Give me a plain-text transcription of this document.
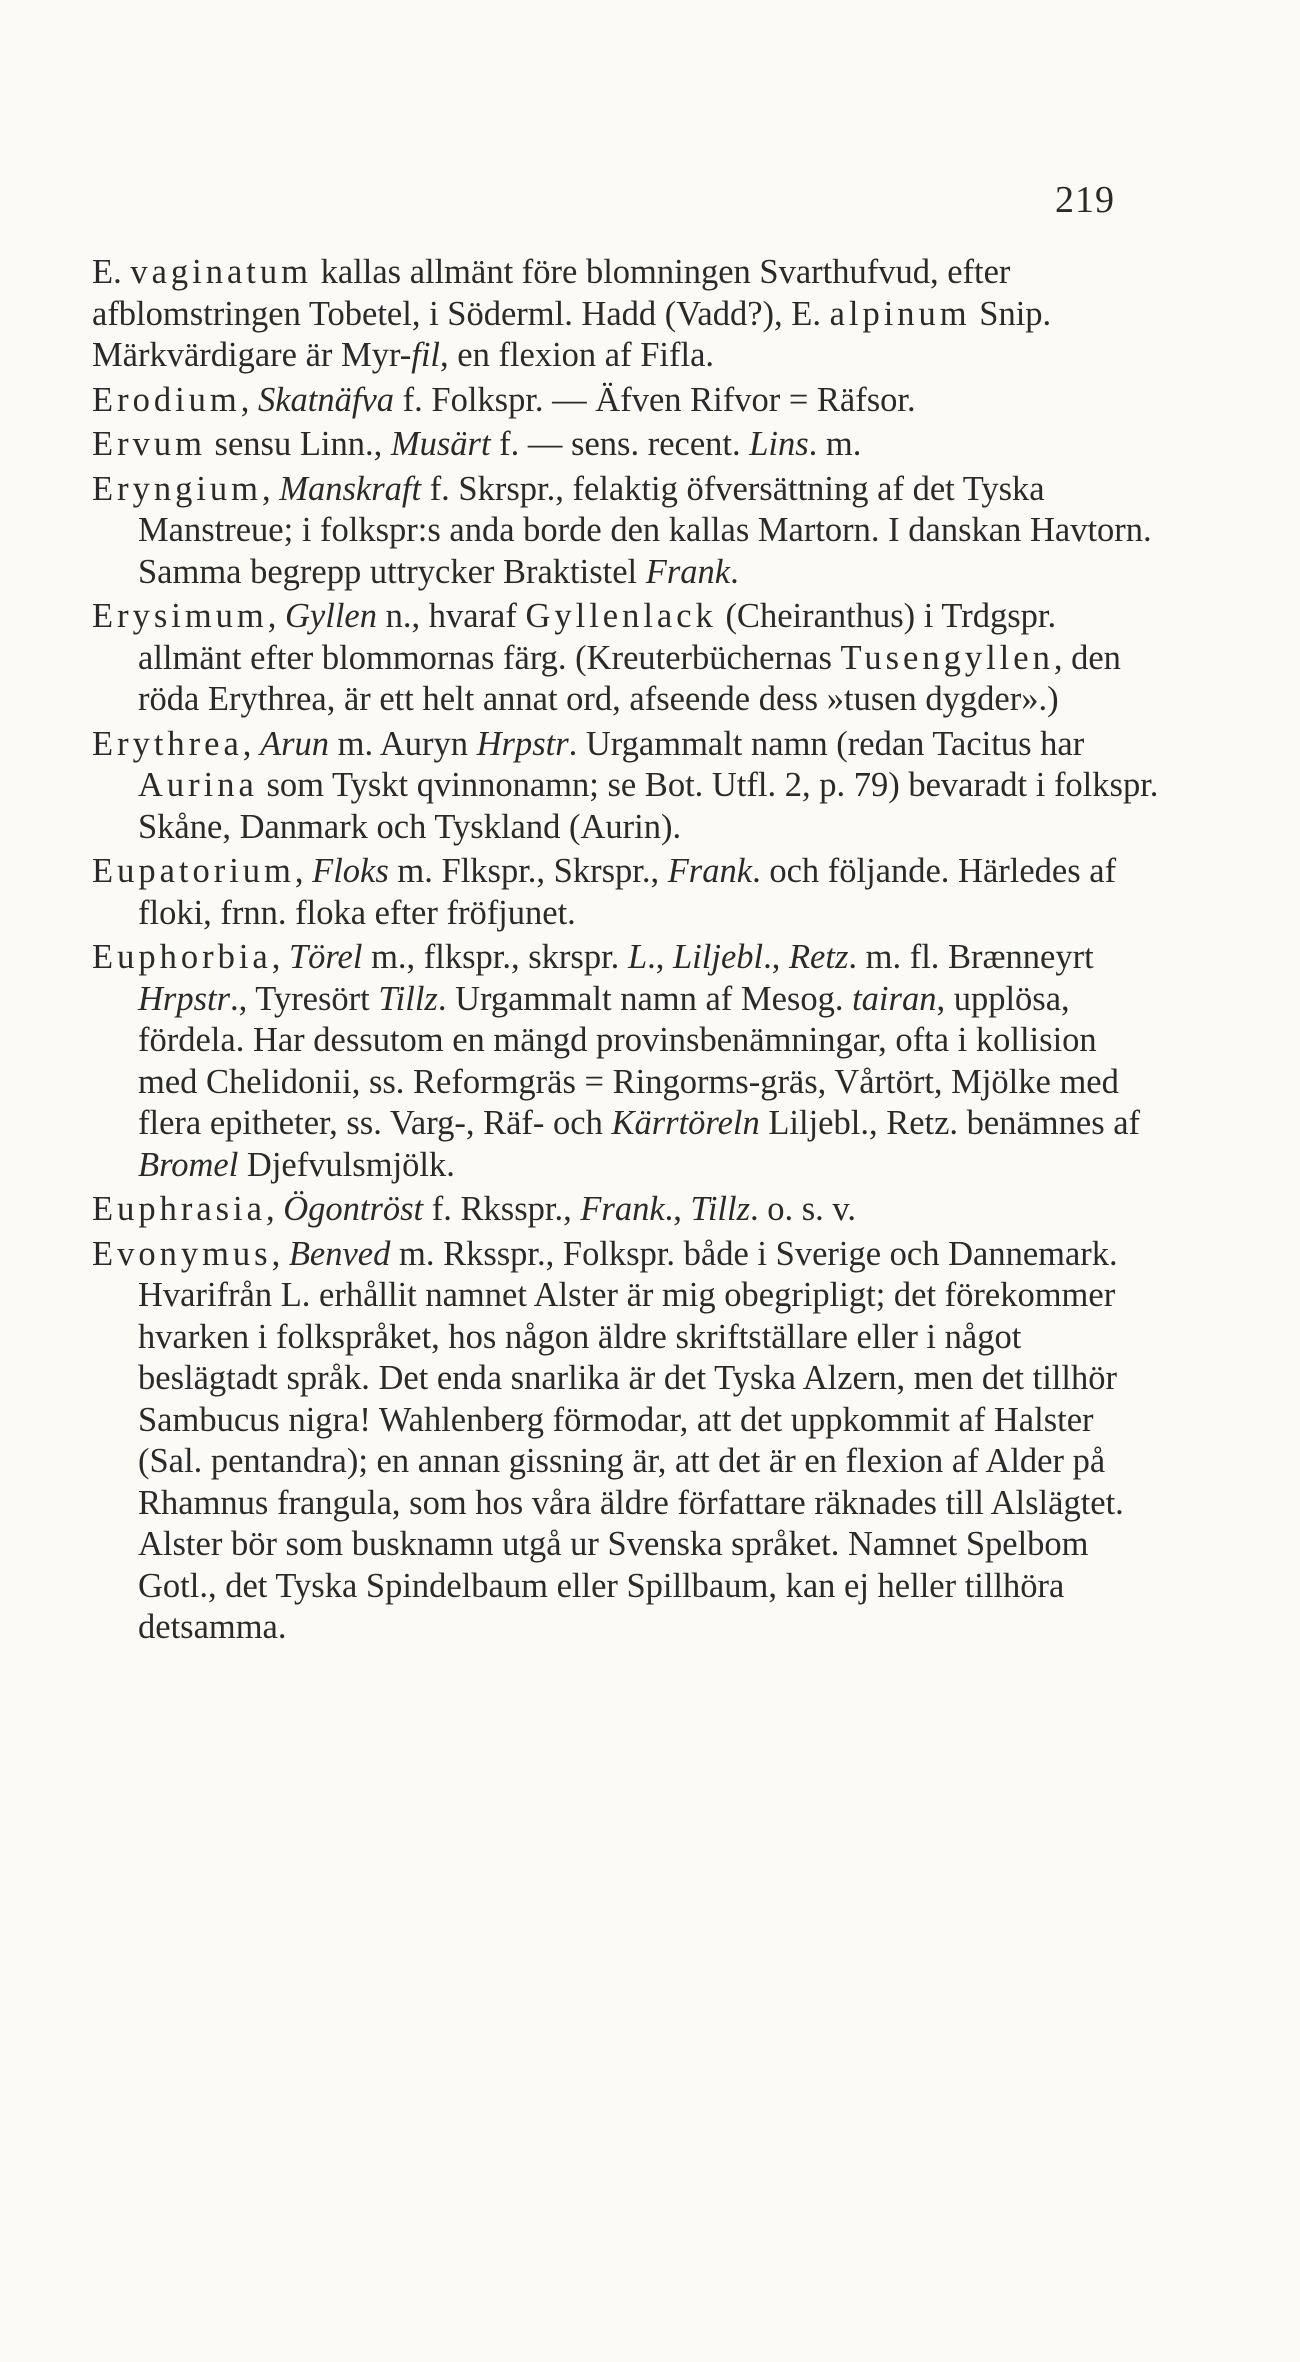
219

E. vaginatum kallas allmänt före blomningen Svarthufvud, efter afblomstringen Tobetel, i Söderml. Hadd (Vadd?), E. alpinum Snip. Märkvärdigare är Myr-fil, en flexion af Fifla.

Erodium, Skatnäfva f. Folkspr. — Äfven Rifvor = Räfsor.

Ervum sensu Linn., Musärt f. — sens. recent. Lins. m.

Eryngium, Manskraft f. Skrspr., felaktig öfversättning af det Tyska Manstreue; i folkspr:s anda borde den kallas Martorn. I danskan Havtorn. Samma begrepp uttrycker Braktistel Frank.

Erysimum, Gyllen n., hvaraf Gyllenlack (Cheiranthus) i Trdgspr. allmänt efter blommornas färg. (Kreuterbüchernas Tusengyllen, den röda Erythrea, är ett helt annat ord, afseende dess »tusen dygder».)

Erythrea, Arun m. Auryn Hrpstr. Urgammalt namn (redan Tacitus har Aurina som Tyskt qvinnonamn; se Bot. Utfl. 2, p. 79) bevaradt i folkspr. Skåne, Danmark och Tyskland (Aurin).

Eupatorium, Floks m. Flkspr., Skrspr., Frank. och följande. Härledes af floki, frnn. floka efter fröfjunet.

Euphorbia, Törel m., flkspr., skrspr. L., Liljebl., Retz. m. fl. Brænneyrt Hrpstr., Tyresört Tillz. Urgammalt namn af Mesog. tairan, upplösa, fördela. Har dessutom en mängd provinsbenämningar, ofta i kollision med Chelidonii, ss. Reformgräs = Ringorms-gräs, Vårtört, Mjölke med flera epitheter, ss. Varg-, Räf- och Kärrtöreln Liljebl., Retz. benämnes af Bromel Djefvulsmjölk.

Euphrasia, Ögontröst f. Rksspr., Frank., Tillz. o. s. v.

Evonymus, Benved m. Rksspr., Folkspr. både i Sverige och Dannemark. Hvarifrån L. erhållit namnet Alster är mig obegripligt; det förekommer hvarken i folkspråket, hos någon äldre skriftställare eller i något beslägtadt språk. Det enda snarlika är det Tyska Alzern, men det tillhör Sambucus nigra! Wahlenberg förmodar, att det uppkommit af Halster (Sal. pentandra); en annan gissning är, att det är en flexion af Alder på Rhamnus frangula, som hos våra äldre författare räknades till Alslägtet. Alster bör som busknamn utgå ur Svenska språket. Namnet Spelbom Gotl., det Tyska Spindelbaum eller Spillbaum, kan ej heller tillhöra detsamma.
